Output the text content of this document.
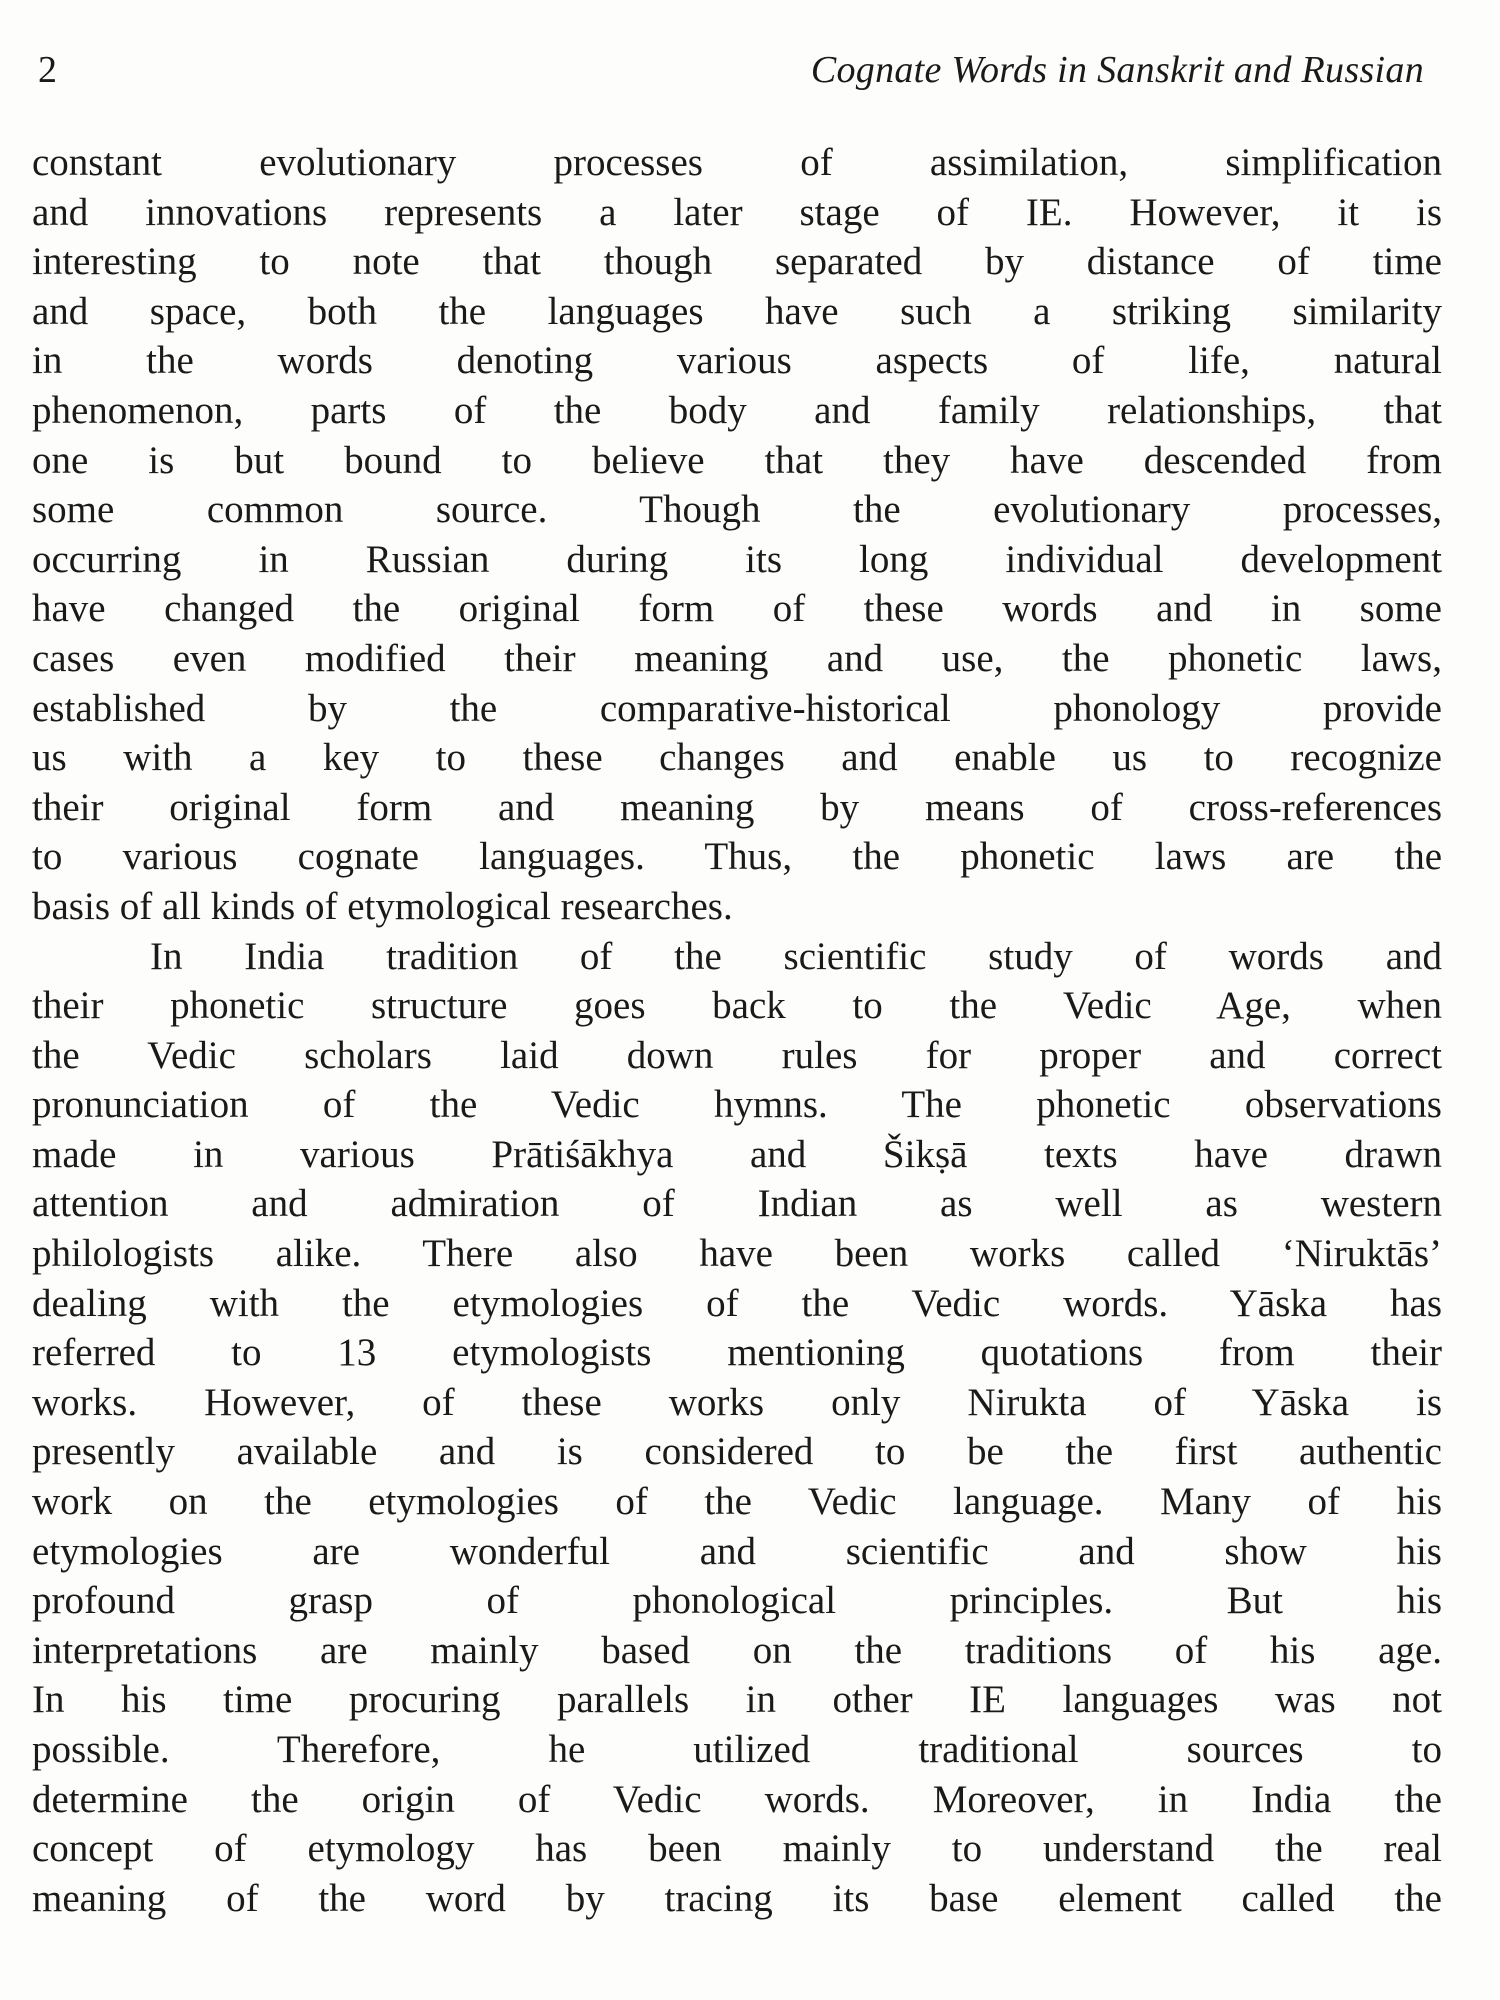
2	Cognate Words in Sanskrit and Russian
constant evolutionary processes of assimilation, simplification
and innovations represents a later stage of IE. However, it is
interesting to note that though separated by distance of time
and space, both the languages have such a striking similarity
in the words denoting various aspects of life, natural
phenomenon, parts of the body and family relationships, that
one is but bound to believe that they have descended from
some common source. Though the evolutionary processes,
occurring in Russian during its long individual development
have changed the original form of these words and in some
cases even modified their meaning and use, the phonetic laws,
established by the comparative-historical phonology provide
us with a key to these changes and enable us to recognize
their original form and meaning by means of cross-references
to various cognate languages. Thus, the phonetic laws are the
basis of all kinds of etymological researches.
In India tradition of the scientific study of words and
their phonetic structure goes back to the Vedic Age, when
the Vedic scholars laid down rules for proper and correct
pronunciation of the Vedic hymns. The phonetic observations
made in various Prātiśākhya and Šikṣā texts have drawn
attention and admiration of Indian as well as western
philologists alike. There also have been works called ‘Niruktās’
dealing with the etymologies of the Vedic words. Yāska has
referred to 13 etymologists mentioning quotations from their
works. However, of these works only Nirukta of Yāska is
presently available and is considered to be the first authentic
work on the etymologies of the Vedic language. Many of his
etymologies are wonderful and scientific and show his
profound grasp of phonological principles. But his
interpretations are mainly based on the traditions of his age.
In his time procuring parallels in other IE languages was not
possible. Therefore, he utilized traditional sources to
determine the origin of Vedic words. Moreover, in India the
concept of etymology has been mainly to understand the real
meaning of the word by tracing its base element called the
